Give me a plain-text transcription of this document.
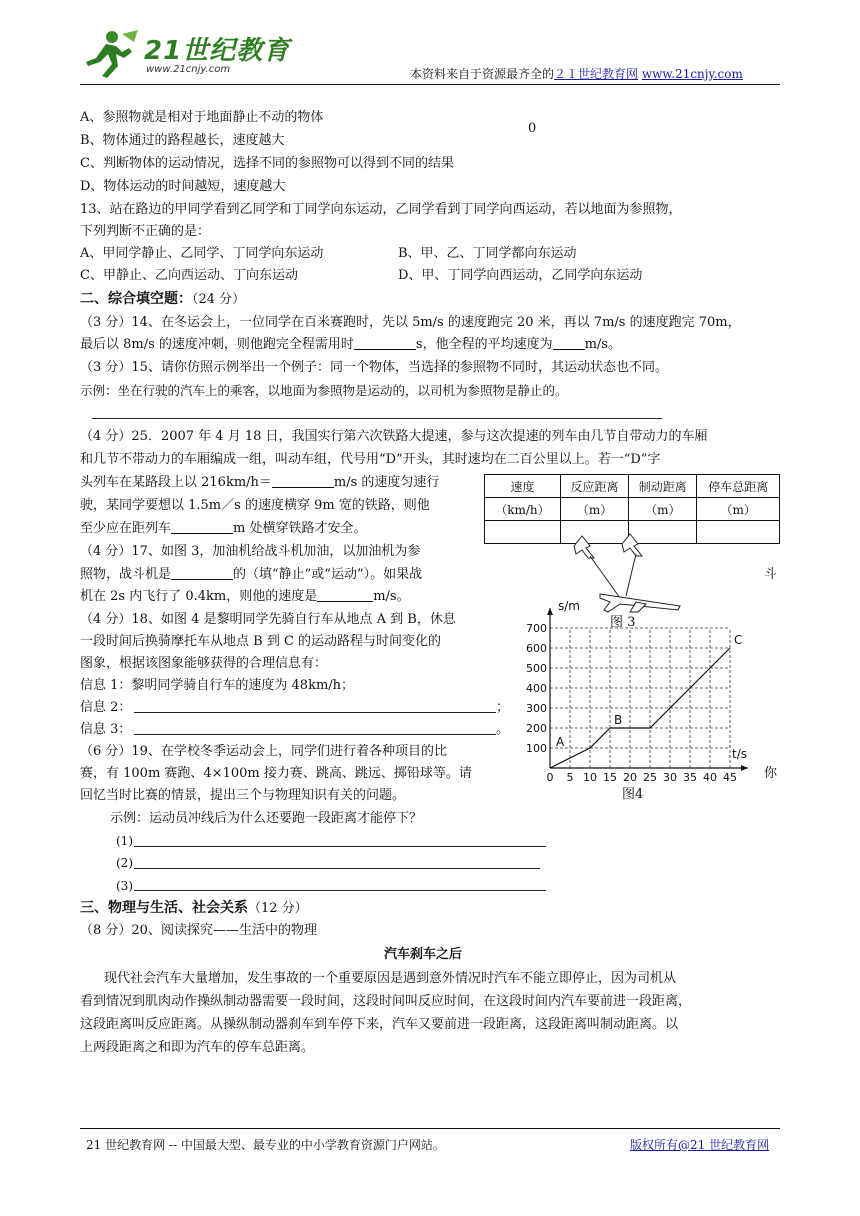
21世纪教育
www.21cnjy.com	本资料来自于资源最齐全的２１世纪教育网 www.21cnjy.com
A、参照物就是相对于地面静止不动的物体
0
B、物体通过的路程越长，速度越大
C、判断物体的运动情况，选择不同的参照物可以得到不同的结果
D、物体运动的时间越短，速度越大
13、站在路边的甲同学看到乙同学和丁同学向东运动，乙同学看到丁同学向西运动，若以地面为参照物，
下列判断不正确的是：
A、甲同学静止、乙同学、丁同学向东运动	B、甲、乙、丁同学都向东运动
C、甲静止、乙向西运动、丁向东运动	D、甲、丁同学向西运动，乙同学向东运动
二、综合填空题：（24 分）
（3 分）14、在冬运会上，一位同学在百米赛跑时，先以 5m/s 的速度跑完 20 米，再以 7m/s 的速度跑完 70m，
最后以 8m/s 的速度冲刺，则他跑完全程需用时	s，他全程的平均速度为 m/s。
（3 分）15、请你仿照示例举出一个例子：同一个物体，当选择的参照物不同时，其运动状态也不同。
示例：坐在行驶的汽车上的乘客，以地面为参照物是运动的，以司机为参照物是静止的。
（4 分）25．2007 年 4 月 18 日，我国实行第六次铁路大提速，参与这次提速的列车由几节自带动力的车厢
和几节不带动力的车厢编成一组，叫动车组，代号用“D”开头，其时速均在二百公里以上。若一“D”字
头列车在某路段上以 216km/h＝	m/s 的速度匀速行
驶，某同学要想以 1.5m／s 的速度横穿 9m 宽的铁路，则他
至少应在距列车	m 处横穿铁路才安全。
速度	反应距离	制动距离	停车总距离
（km/h）	（m）	（m）	（m）

图 3
（4 分）17、如图 3，加油机给战斗机加油，以加油机为参
照物，战斗机是	的（填“静止”或“运动”）。如果战	斗
机在 2s 内飞行了 0.4km，则他的速度是	m/s。
（4 分）18、如图 4 是黎明同学先骑自行车从地点 A 到 B，休息
一段时间后换骑摩托车从地点 B 到 C 的运动路程与时间变化的
图象，根据该图象能够获得的合理信息有：
信息 1：黎明同学骑自行车的速度为 48km/h；
信息 2：	；
信息 3：	。
0 5 10 15 20 25 30 35 40 45
100
200
300
400
500
600
700
s/m
t/s
A
B
C
图4
（6 分）19、在学校冬季运动会上，同学们进行着各种项目的比
赛，有 100m 赛跑、4×100m 接力赛、跳高、跳远、掷铅球等。请	你
回忆当时比赛的情景，提出三个与物理知识有关的问题。
示例：运动员冲线后为什么还要跑一段距离才能停下？
(1)
(2)
(3)
三、物理与生活、社会关系（12 分）
（8 分）20、阅读探究——生活中的物理
汽车刹车之后
现代社会汽车大量增加，发生事故的一个重要原因是遇到意外情况时汽车不能立即停止，因为司机从
看到情况到肌肉动作操纵制动器需要一段时间，这段时间叫反应时间，在这段时间内汽车要前进一段距离，
这段距离叫反应距离。从操纵制动器刹车到车停下来，汽车又要前进一段距离，这段距离叫制动距离。以
上两段距离之和即为汽车的停车总距离。
21 世纪教育网 -- 中国最大型、最专业的中小学教育资源门户网站。	版权所有@21 世纪教育网
